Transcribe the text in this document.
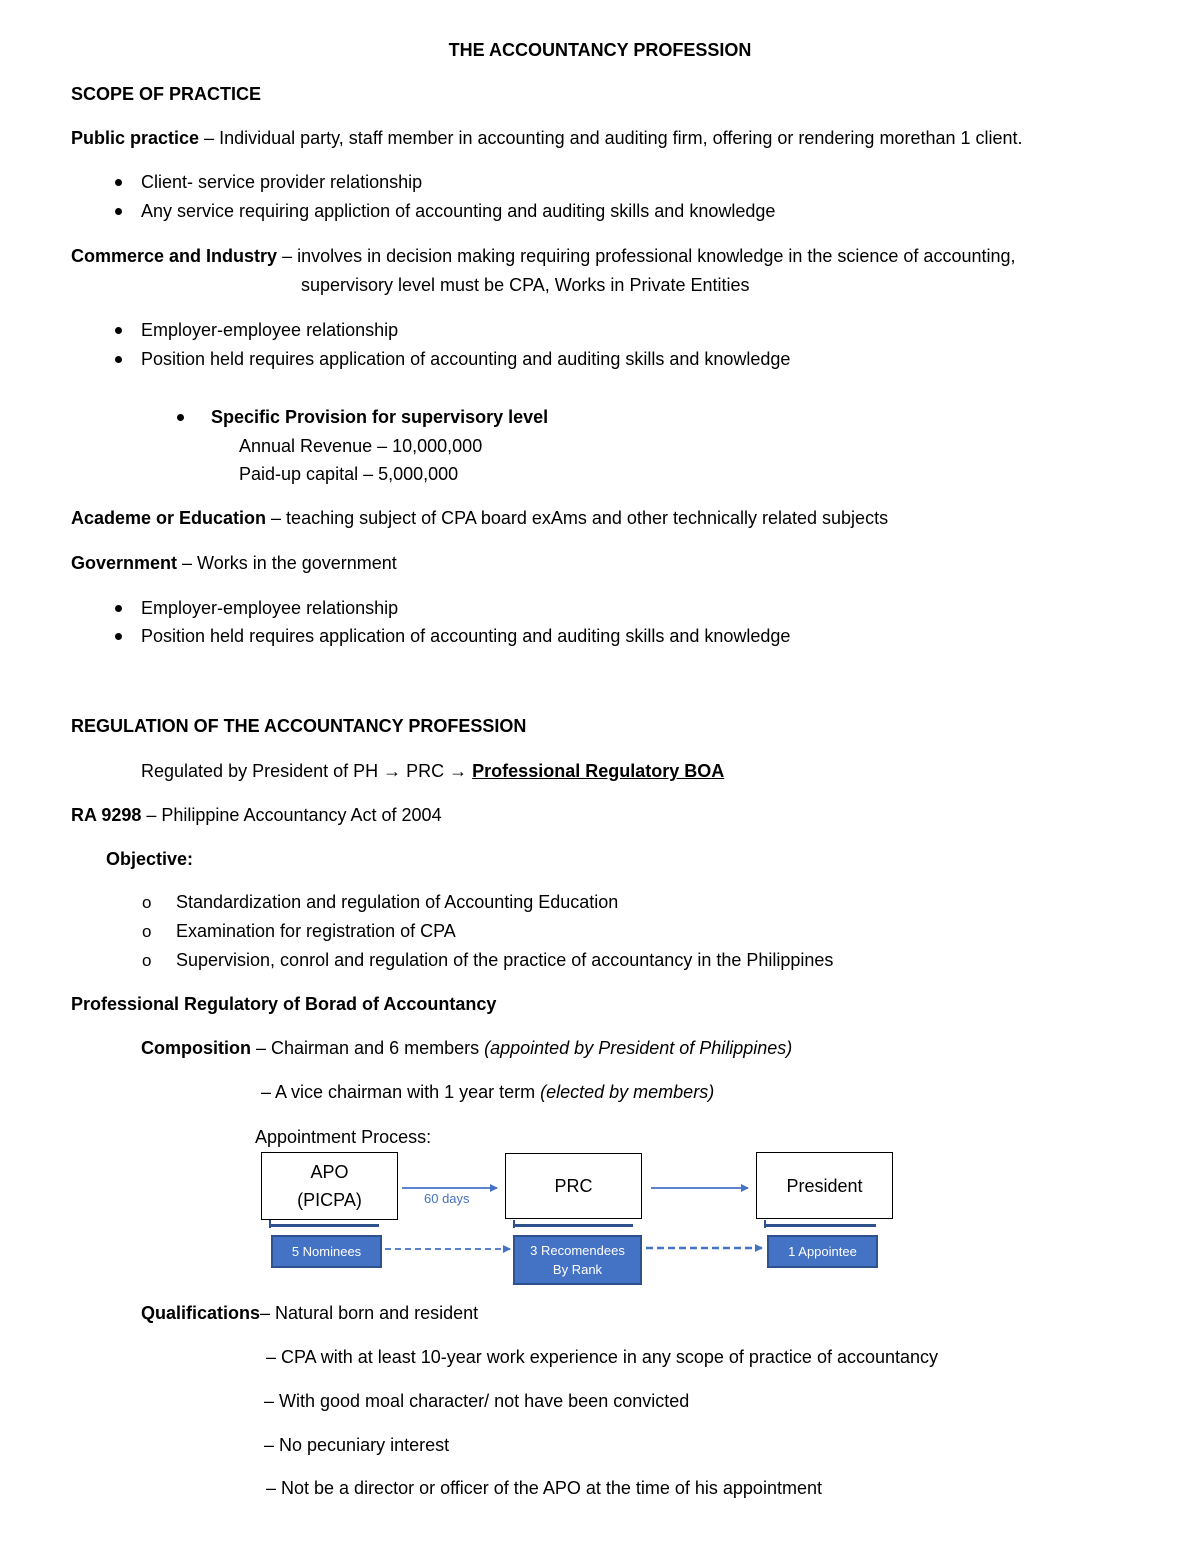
THE ACCOUNTANCY PROFESSION
SCOPE OF PRACTICE
Public practice – Individual party, staff member in accounting and auditing firm, offering or rendering morethan 1 client.
Client- service provider relationship
Any service requiring appliction of accounting and auditing skills and knowledge
Commerce and Industry – involves in decision making requiring professional knowledge in the science of accounting,
supervisory level must be CPA, Works in Private Entities
Employer-employee relationship
Position held requires application of accounting and auditing skills and knowledge
Specific Provision for supervisory level
Annual Revenue – 10,000,000
Paid-up capital – 5,000,000
Academe or Education – teaching subject of CPA board exAms and other technically related subjects
Government – Works in the government
Employer-employee relationship
Position held requires application of accounting and auditing skills and knowledge
REGULATION OF THE ACCOUNTANCY PROFESSION
Regulated by President of PH → PRC → Professional Regulatory BOA
RA 9298 – Philippine Accountancy Act of 2004
Objective:
o Standardization and regulation of Accounting Education
o Examination for registration of CPA
o Supervision, conrol and regulation of the practice of accountancy in the Philippines
Professional Regulatory of Borad of Accountancy
Composition – Chairman and 6 members (appointed by President of Philippines)
– A vice chairman with 1 year term (elected by members)
Appointment Process:
APO
(PICPA)
PRC	President
5 Nominees	3 Recomendees
By Rank
1 Appointee
60 days
Qualifications– Natural born and resident
– CPA with at least 10-year work experience in any scope of practice of accountancy
– With good moal character/ not have been convicted
– No pecuniary interest
– Not be a director or officer of the APO at the time of his appointment
